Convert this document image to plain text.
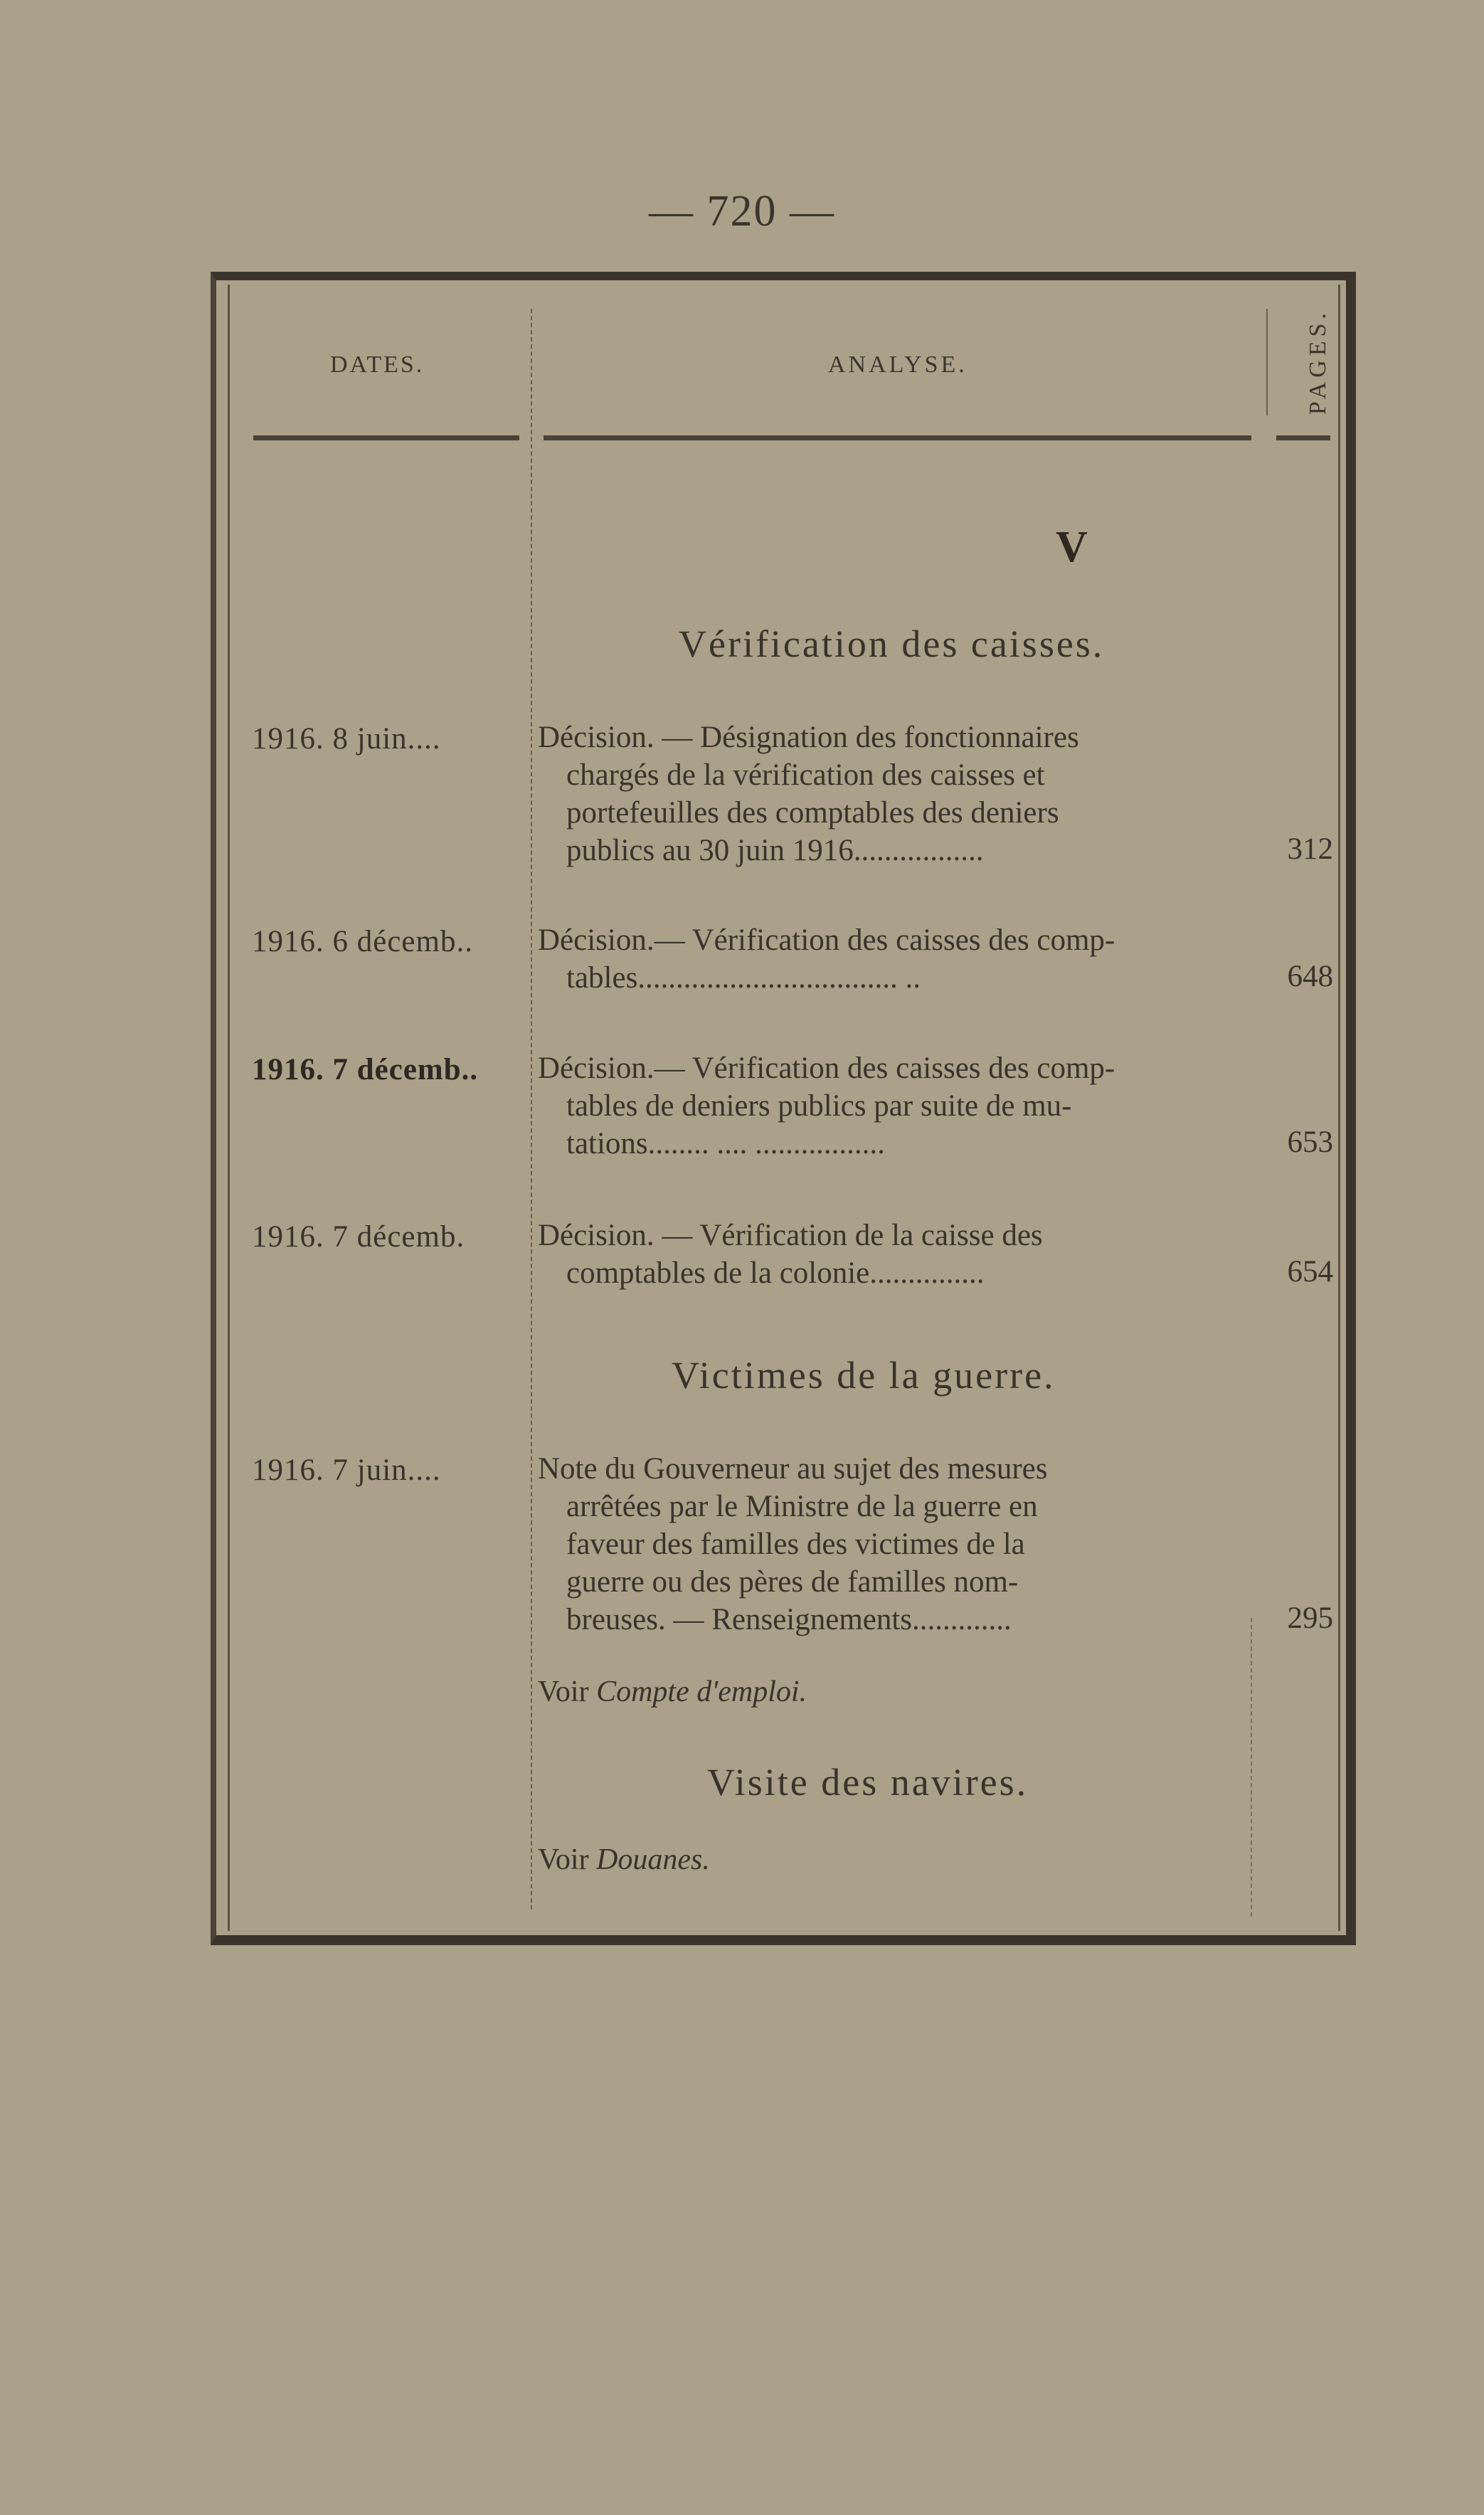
— 720 —
DATES.	ANALYSE.	PAGES.
V
Vérification des caisses.
1916. 8 juin....	Décision. — Désignation des fonctionnaires
chargés de la vérification des caisses et
portefeuilles des comptables des deniers
publics au 30 juin 1916.................	312
1916. 6 décemb.. Décision.— Vérification des caisses des comp-
tables.................................. ..	648
1916. 7 décemb.. Décision.— Vérification des caisses des comp-
tables de deniers publics par suite de mu-
tations........ .... .................	653
1916. 7 décemb. Décision. — Vérification de la caisse des
comptables de la colonie...............	654
Victimes de la guerre.
1916. 7 juin....	Note du Gouverneur au sujet des mesures
arrêtées par le Ministre de la guerre en
faveur des familles des victimes de la
guerre ou des pères de familles nom-
breuses. — Renseignements.............	295
Voir Compte d'emploi.
Visite des navires.
Voir Douanes.
